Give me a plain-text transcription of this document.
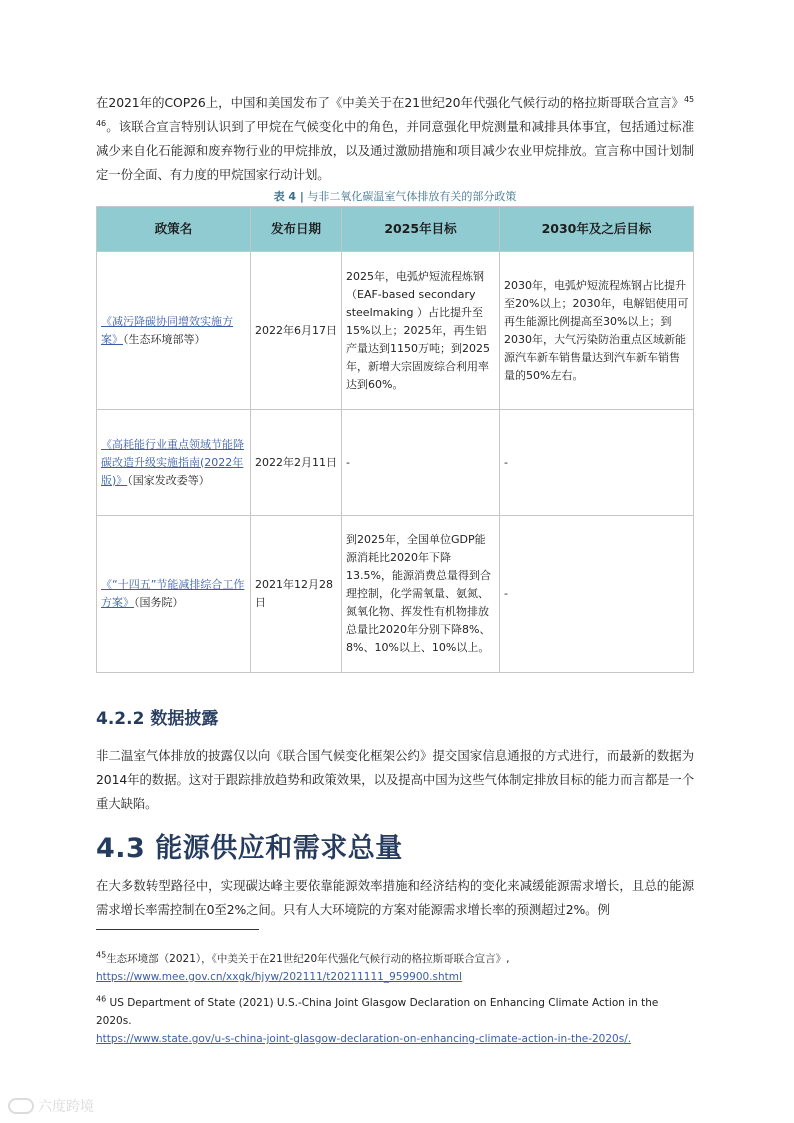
在2021年的COP26上，中国和美国发布了《中美关于在21世纪20年代强化气候行动的格拉斯哥联合宣言》$^{45 46}$。该联合宣言特别认识到了甲烷在气候变化中的角色，并同意强化甲烷测量和减排具体事宜，包括通过标准减少来自化石能源和废弃物行业的甲烷排放，以及通过激励措施和项目减少农业甲烷排放。宣言称中国计划制定一份全面、有力度的甲烷国家行动计划。

表 4 | 与非二氧化碳温室气体排放有关的部分政策
政策名	发布日期	2025年目标	2030年及之后目标
《减污降碳协同增效实施方案》（生态环境部等）	2022年6月17日	2025年，电弧炉短流程炼钢（EAF-based secondary steelmaking ）占比提升至15%以上；2025年，再生铝产量达到1150万吨；到2025年，新增大宗固废综合利用率达到60%。	2030年，电弧炉短流程炼钢占比提升至20%以上；2030年，电解铝使用可再生能源比例提高至30%以上；到2030年，大气污染防治重点区域新能源汽车新车销售量达到汽车新车销售量的50%左右。
《高耗能行业重点领域节能降碳改造升级实施指南(2022年版)》（国家发改委等）	2022年2月11日	-	-
《“十四五”节能减排综合工作方案》（国务院）	2021年12月28日	到2025年，全国单位GDP能源消耗比2020年下降13.5%，能源消费总量得到合理控制，化学需氧量、氨氮、氮氧化物、挥发性有机物排放总量比2020年分别下降8%、8%、10%以上、10%以上。	-
4.2.2 数据披露

非二温室气体排放的披露仅以向《联合国气候变化框架公约》提交国家信息通报的方式进行，而最新的数据为2014年的数据。这对于跟踪排放趋势和政策效果，以及提高中国为这些气体制定排放目标的能力而言都是一个重大缺陷。

4.3 能源供应和需求总量

在大多数转型路径中，实现碳达峰主要依靠能源效率措施和经济结构的变化来减缓能源需求增长，且总的能源需求增长率需控制在0至2%之间。只有人大环境院的方案对能源需求增长率的预测超过2%。例

$^{45}$生态环境部（2021），《中美关于在21世纪20年代强化气候行动的格拉斯哥联合宣言》,
https://www.mee.gov.cn/xxgk/hjyw/202111/t20211111_959900.shtml
$^{46}$ US Department of State (2021) U.S.-China Joint Glasgow Declaration on Enhancing Climate Action in the 2020s.
https://www.state.gov/u-s-china-joint-glasgow-declaration-on-enhancing-climate-action-in-the-2020s/.
六度跨境
